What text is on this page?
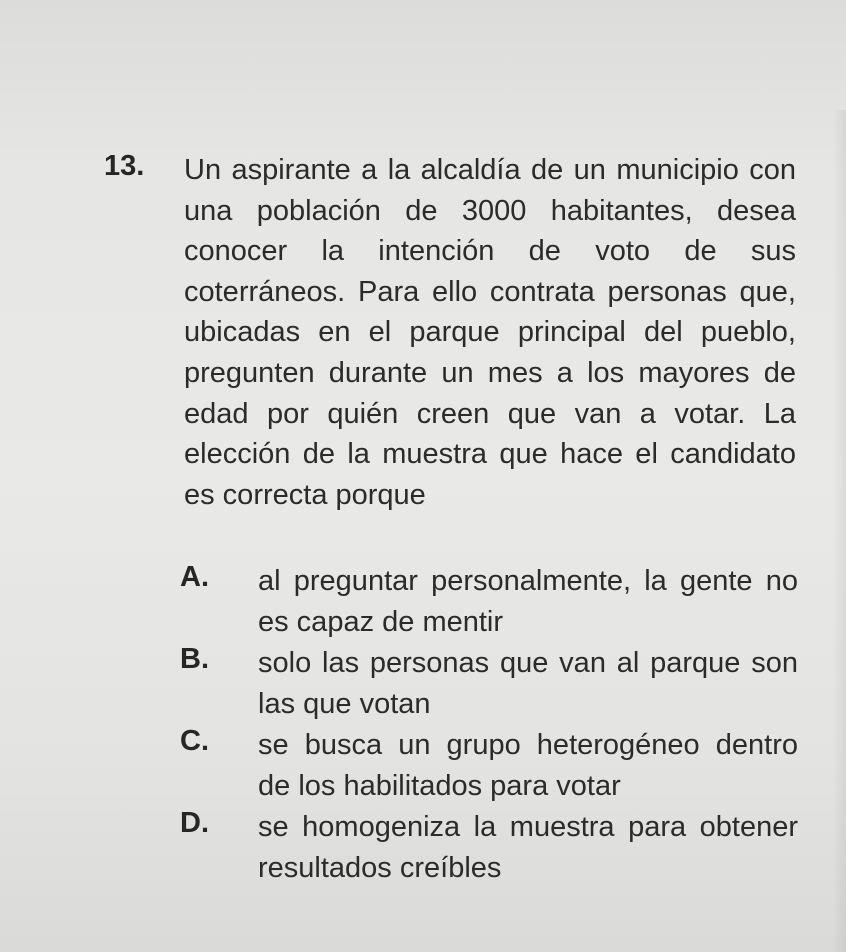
13. Un aspirante a la alcaldía de un municipio con una población de 3000 habitantes, desea conocer la intención de voto de sus coterráneos. Para ello contrata personas que, ubicadas en el parque principal del pueblo, pregunten durante un mes a los mayores de edad por quién creen que van a votar. La elección de la muestra que hace el candidato es correcta porque
A. al preguntar personalmente, la gente no es capaz de mentir
B. solo las personas que van al parque son las que votan
C. se busca un grupo heterogéneo dentro de los habilitados para votar
D. se homogeniza la muestra para obtener resultados creíbles
